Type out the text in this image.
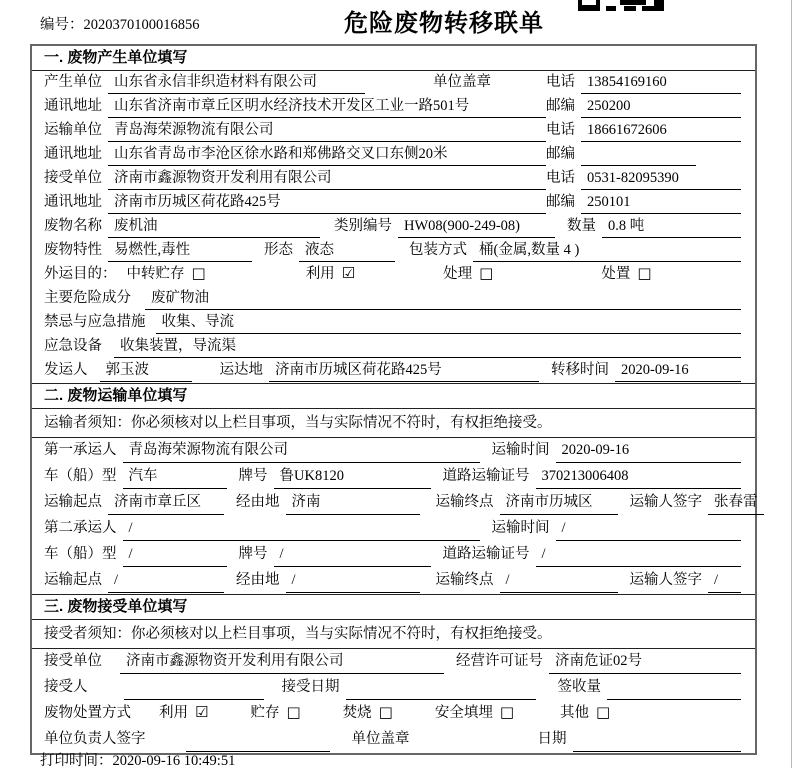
编号：2020370100016856	危险废物转移联单
一. 废物产生单位填写
产生单位 山东省永信非织造材料有限公司	单位盖章	电话 13854169160
通讯地址 山东省济南市章丘区明水经济技术开发区工业一路501号	邮编 250200
运输单位 青岛海荣源物流有限公司	电话 18661672606
通讯地址 山东省青岛市李沧区徐水路和郑佛路交叉口东侧20米	邮编
接受单位 济南市鑫源物资开发利用有限公司	电话 0531-82095390
通讯地址 济南市历城区荷花路425号	邮编 250101
废物名称 废机油	类别编号 HW08(900-249-08)	数量 0.8 吨
废物特性 易燃性,毒性	形态 液态	包装方式 桶(金属,数量 4 )
外运目的： 中转贮存 □	利用 ☑	处理 □	处置 □
主要危险成分	废矿物油
禁忌与应急措施	收集、导流
应急设备	收集装置，导流渠
发运人	郭玉波	运达地 济南市历城区荷花路425号	转移时间 2020-09-16
二. 废物运输单位填写
运输者须知：你必须核对以上栏目事项，当与实际情况不符时，有权拒绝接受。
第一承运人 青岛海荣源物流有限公司	运输时间 2020-09-16
车（船）型 汽车	牌号 鲁UK8120	道路运输证号 370213006408
运输起点 济南市章丘区	经由地 济南	运输终点 济南市历城区	运输人签字 张春雷
第二承运人 /	运输时间 /
车（船）型 /	牌号 /	道路运输证号 /
运输起点 /	经由地 /	运输终点 /	运输人签字 /
三. 废物接受单位填写
接受者须知：你必须核对以上栏目事项，当与实际情况不符时，有权拒绝接受。
接受单位	济南市鑫源物资开发利用有限公司	经营许可证号 济南危证02号
接受人	接受日期	签收量
废物处置方式 利用 ☑	贮存 □	焚烧 □	安全填埋 □	其他 □
单位负责人签字	单位盖章	日期
打印时间：2020-09-16 10:49:51
